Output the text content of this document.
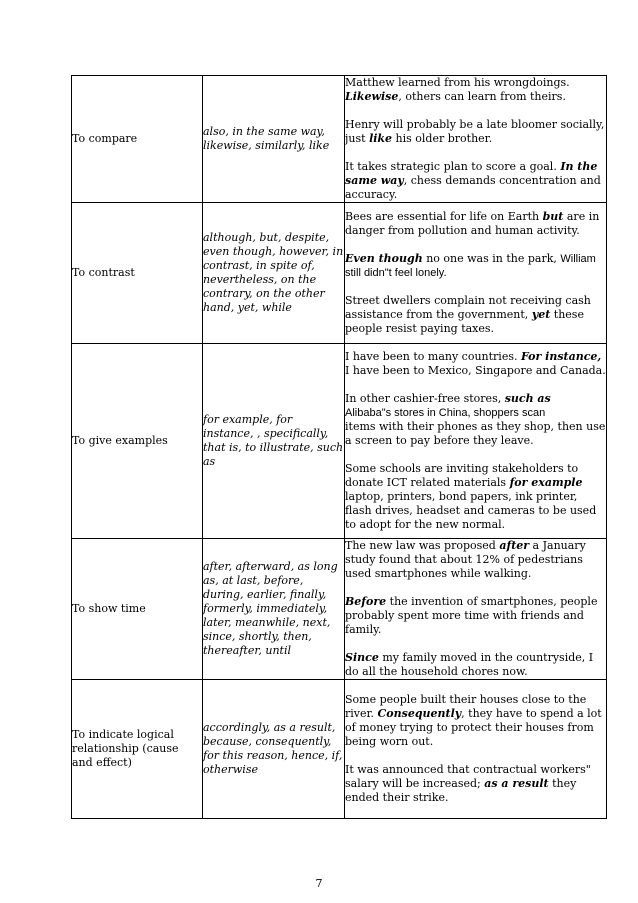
To compare	also, in the same way, likewise, similarly, like	Matthew learned from his wrongdoings. Likewise, others can learn from theirs.

Henry will probably be a late bloomer socially, just like his older brother.

It takes strategic plan to score a goal. In the same way, chess demands concentration and accuracy.

To contrast	although, but, despite, even though, however, in contrast, in spite of, nevertheless, on the contrary, on the other hand, yet, while	Bees are essential for life on Earth but are in danger from pollution and human activity.

Even though no one was in the park, William still didn"t feel lonely.

Street dwellers complain not receiving cash assistance from the government, yet these people resist paying taxes.

To give examples	for example, for instance, , specifically, that is, to illustrate, such as	I have been to many countries. For instance, I have been to Mexico, Singapore and Canada.

In other cashier-free stores, such as
Alibaba"s stores in China, shoppers scan
items with their phones as they shop, then use a screen to pay before they leave.

Some schools are inviting stakeholders to donate ICT related materials for example laptop, printers, bond papers, ink printer, flash drives, headset and cameras to be used to adopt for the new normal.

To show time	after, afterward, as long as, at last, before, during, earlier, finally, formerly, immediately, later, meanwhile, next, since, shortly, then, thereafter, until	The new law was proposed after a January study found that about 12% of pedestrians used smartphones while walking.

Before the invention of smartphones, people probably spent more time with friends and family.

Since my family moved in the countryside, I do all the household chores now.

To indicate logical relationship (cause and effect)	accordingly, as a result, because, consequently, for this reason, hence, if, otherwise	Some people built their houses close to the river. Consequently, they have to spend a lot of money trying to protect their houses from being worn out.

It was announced that contractual workers" salary will be increased; as a result they ended their strike.

7
